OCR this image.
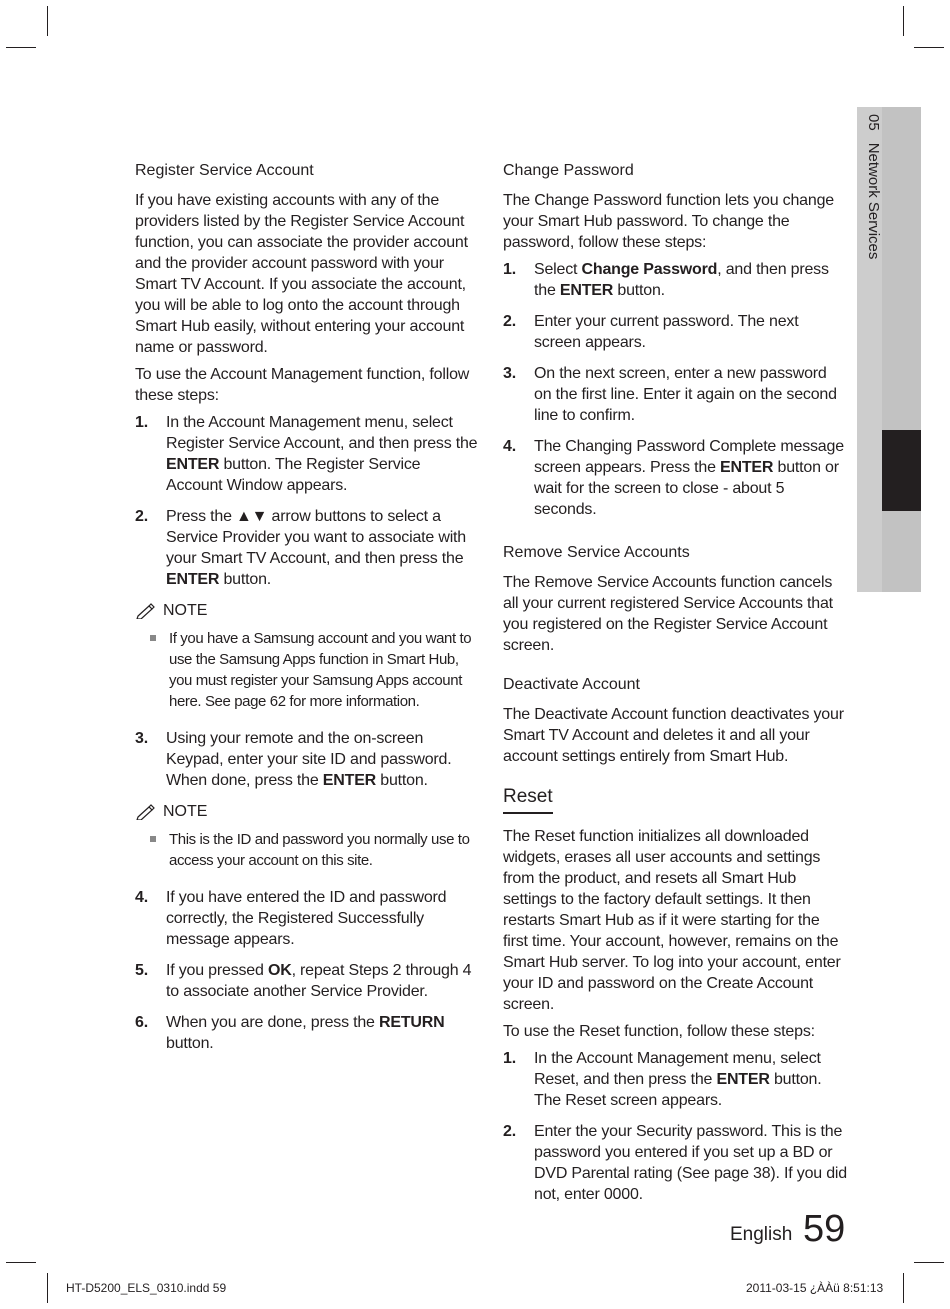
05Network Services
Register Service Account

If you have existing accounts with any of the providers listed by the Register Service Account function, you can associate the provider account and the provider account password with your Smart TV Account. If you associate the account, you will be able to log onto the account through Smart Hub easily, without entering your account name or password.

To use the Account Management function, follow these steps:

1. In the Account Management menu, select Register Service Account, and then press the ENTER button. The Register Service Account Window appears.
2. Press the ▲▼ arrow buttons to select a Service Provider you want to associate with your Smart TV Account, and then press the ENTER button.
NOTE
If you have a Samsung account and you want to use the Samsung Apps function in Smart Hub, you must register your Samsung Apps account here. See page 62 for more information.
3. Using your remote and the on-screen Keypad, enter your site ID and password. When done, press the ENTER button.
NOTE
This is the ID and password you normally use to access your account on this site.
4. If you have entered the ID and password correctly, the Registered Successfully message appears.
5. If you pressed OK, repeat Steps 2 through 4 to associate another Service Provider.
6. When you are done, press the RETURN button.
Change Password

The Change Password function lets you change your Smart Hub password. To change the password, follow these steps:

1. Select Change Password, and then press the ENTER button.
2. Enter your current password. The next screen appears.
3. On the next screen, enter a new password on the first line. Enter it again on the second line to confirm.
4. The Changing Password Complete message screen appears. Press the ENTER button or wait for the screen to close - about 5 seconds.
Remove Service Accounts

The Remove Service Accounts function cancels all your current registered Service Accounts that you registered on the Register Service Account screen.

Deactivate Account

The Deactivate Account function deactivates your Smart TV Account and deletes it and all your account settings entirely from Smart Hub.

Reset

The Reset function initializes all downloaded widgets, erases all user accounts and settings from the product, and resets all Smart Hub settings to the factory default settings. It then restarts Smart Hub as if it were starting for the first time. Your account, however, remains on the Smart Hub server. To log into your account, enter your ID and password on the Create Account screen.

To use the Reset function, follow these steps:

1. In the Account Management menu, select Reset, and then press the ENTER button. The Reset screen appears.
2. Enter the your Security password. This is the password you entered if you set up a BD or DVD Parental rating (See page 38). If you did not, enter 0000.
English 59
HT-D5200_ELS_0310.indd 59	2011-03-15 ¿ÀÀü 8:51:13
